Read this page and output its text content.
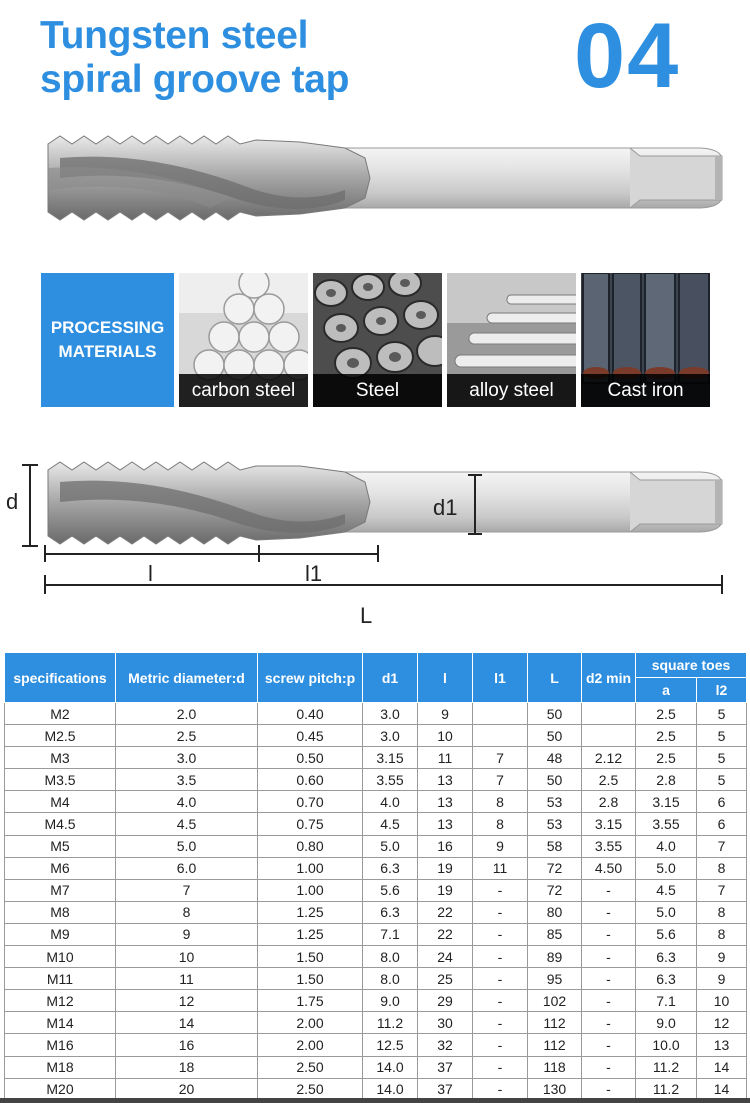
Tungsten steel
spiral groove tap 04
PROCESSING
MATERIALS
carbon steel	Steel	alloy steel	Cast iron
d	d1
l	l1
L
specifications	Metric diameter:d	screw pitch:p	d1	l	l1	L	d2 min	square toes	
								a	l2
M2	2.0	0.40	3.0	9		50		2.5	5
M2.5	2.5	0.45	3.0	10		50		2.5	5
M3	3.0	0.50	3.15	11	7	48	2.12	2.5	5
M3.5	3.5	0.60	3.55	13	7	50	2.5	2.8	5
M4	4.0	0.70	4.0	13	8	53	2.8	3.15	6
M4.5	4.5	0.75	4.5	13	8	53	3.15	3.55	6
M5	5.0	0.80	5.0	16	9	58	3.55	4.0	7
M6	6.0	1.00	6.3	19	11	72	4.50	5.0	8
M7	7	1.00	5.6	19	-	72	-	4.5	7
M8	8	1.25	6.3	22	-	80	-	5.0	8
M9	9	1.25	7.1	22	-	85	-	5.6	8
M10	10	1.50	8.0	24	-	89	-	6.3	9
M11	11	1.50	8.0	25	-	95	-	6.3	9
M12	12	1.75	9.0	29	-	102	-	7.1	10
M14	14	2.00	11.2	30	-	112	-	9.0	12
M16	16	2.00	12.5	32	-	112	-	10.0	13
M18	18	2.50	14.0	37	-	118	-	11.2	14
M20	20	2.50	14.0	37	-	130	-	11.2	14
